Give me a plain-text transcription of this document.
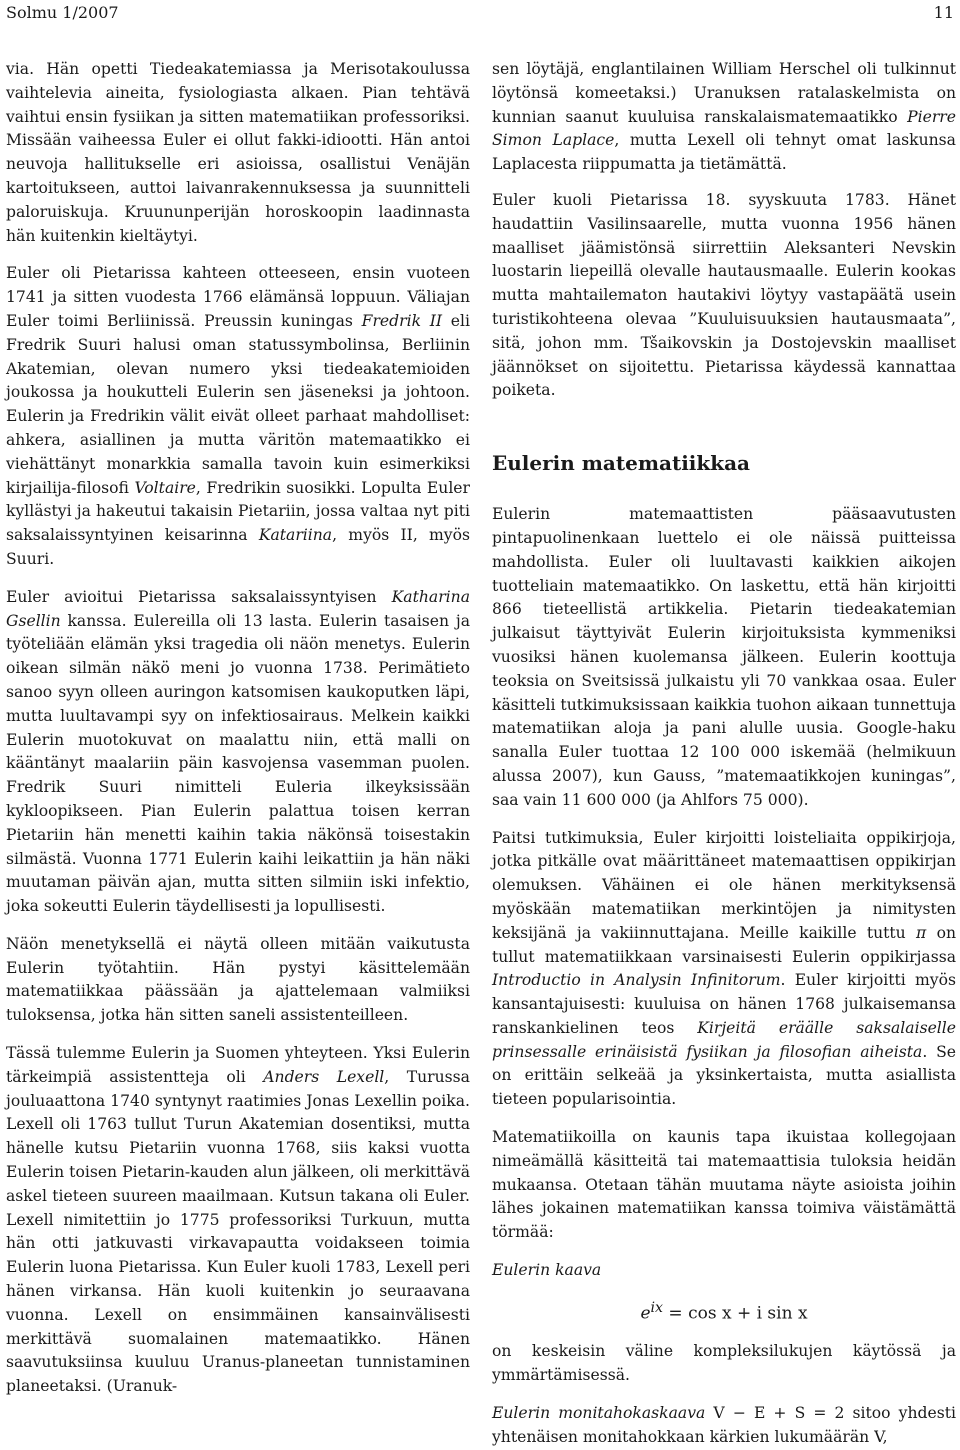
Solmu 1/2007	11

via. Hän opetti Tiedeakatemiassa ja Merisotakoulussa vaihtelevia aineita, fysiologiasta alkaen. Pian tehtävä vaihtui ensin fysiikan ja sitten matematiikan professoriksi. Missään vaiheessa Euler ei ollut fakki-idiootti. Hän antoi neuvoja hallitukselle eri asioissa, osallistui Venäjän kartoitukseen, auttoi laivanrakennuksessa ja suunnitteli paloruiskuja. Kruununperijän horoskoopin laadinnasta hän kuitenkin kieltäytyi.

Euler oli Pietarissa kahteen otteeseen, ensin vuoteen 1741 ja sitten vuodesta 1766 elämänsä loppuun. Väliajan Euler toimi Berliinissä. Preussin kuningas Fredrik II eli Fredrik Suuri halusi oman statussymbolinsa, Berliinin Akatemian, olevan numero yksi tiedeakatemioiden joukossa ja houkutteli Eulerin sen jäseneksi ja johtoon. Eulerin ja Fredrikin välit eivät olleet parhaat mahdolliset: ahkera, asiallinen ja mutta väritön matemaatikko ei viehättänyt monarkkia samalla tavoin kuin esimerkiksi kirjailija-filosofi Voltaire, Fredrikin suosikki. Lopulta Euler kyllästyi ja hakeutui takaisin Pietariin, jossa valtaa nyt piti saksalaissyntyinen keisarinna Katariina, myös II, myös Suuri.

Euler avioitui Pietarissa saksalaissyntyisen Katharina Gsellin kanssa. Eulereilla oli 13 lasta. Eulerin tasaisen ja työteliään elämän yksi tragedia oli näön menetys. Eulerin oikean silmän näkö meni jo vuonna 1738. Perimätieto sanoo syyn olleen auringon katsomisen kaukoputken läpi, mutta luultavampi syy on infektiosairaus. Melkein kaikki Eulerin muotokuvat on maalattu niin, että malli on kääntänyt maalariin päin kasvojensa vasemman puolen. Fredrik Suuri nimitteli Euleria ilkeyksissään kykloopikseen. Pian Eulerin palattua toisen kerran Pietariin hän menetti kaihin takia näkönsä toisestakin silmästä. Vuonna 1771 Eulerin kaihi leikattiin ja hän näki muutaman päivän ajan, mutta sitten silmiin iski infektio, joka sokeutti Eulerin täydellisesti ja lopullisesti.

Näön menetyksellä ei näytä olleen mitään vaikutusta Eulerin työtahtiin. Hän pystyi käsittelemään matematiikkaa päässään ja ajattelemaan valmiiksi tuloksensa, jotka hän sitten saneli assistenteilleen.

Tässä tulemme Eulerin ja Suomen yhteyteen. Yksi Eulerin tärkeimpiä assistentteja oli Anders Lexell, Turussa jouluaattona 1740 syntynyt raatimies Jonas Lexellin poika. Lexell oli 1763 tullut Turun Akatemian dosentiksi, mutta hänelle kutsu Pietariin vuonna 1768, siis kaksi vuotta Eulerin toisen Pietarin-kauden alun jälkeen, oli merkittävä askel tieteen suureen maailmaan. Kutsun takana oli Euler. Lexell nimitettiin jo 1775 professoriksi Turkuun, mutta hän otti jatkuvasti virkavapautta voidakseen toimia Eulerin luona Pietarissa. Kun Euler kuoli 1783, Lexell peri hänen virkansa. Hän kuoli kuitenkin jo seuraavana vuonna. Lexell on ensimmäinen kansainvälisesti merkittävä suomalainen matemaatikko. Hänen saavutuksiinsa kuuluu Uranus-planeetan tunnistaminen planeetaksi. (Uranuk-

sen löytäjä, englantilainen William Herschel oli tulkinnut löytönsä komeetaksi.) Uranuksen ratalaskelmista on kunnian saanut kuuluisa ranskalaismatemaatikko Pierre Simon Laplace, mutta Lexell oli tehnyt omat laskunsa Laplacesta riippumatta ja tietämättä.

Euler kuoli Pietarissa 18. syyskuuta 1783. Hänet haudattiin Vasilinsaarelle, mutta vuonna 1956 hänen maalliset jäämistönsä siirrettiin Aleksanteri Nevskin luostarin liepeillä olevalle hautausmaalle. Eulerin kookas mutta mahtailematon hautakivi löytyy vastapäätä usein turistikohteena olevaa ”Kuuluisuuksien hautausmaata”, sitä, johon mm. Tšaikovskin ja Dostojevskin maalliset jäännökset on sijoitettu. Pietarissa käydessä kannattaa poiketa.

Eulerin matematiikkaa

Eulerin matemaattisten pääsaavutusten pintapuolinenkaan luettelo ei ole näissä puitteissa mahdollista. Euler oli luultavasti kaikkien aikojen tuotteliain matemaatikko. On laskettu, että hän kirjoitti 866 tieteellistä artikkelia. Pietarin tiedeakatemian julkaisut täyttyivät Eulerin kirjoituksista kymmeniksi vuosiksi hänen kuolemansa jälkeen. Eulerin koottuja teoksia on Sveitsissä julkaistu yli 70 vankkaa osaa. Euler käsitteli tutkimuksissaan kaikkia tuohon aikaan tunnettuja matematiikan aloja ja pani alulle uusia. Google-haku sanalla Euler tuottaa 12 100 000 iskemää (helmikuun alussa 2007), kun Gauss, ”matemaatikkojen kuningas”, saa vain 11 600 000 (ja Ahlfors 75 000).

Paitsi tutkimuksia, Euler kirjoitti loisteliaita oppikirjoja, jotka pitkälle ovat määrittäneet matemaattisen oppikirjan olemuksen. Vähäinen ei ole hänen merkityksensä myöskään matematiikan merkintöjen ja nimitysten keksijänä ja vakiinnuttajana. Meille kaikille tuttu π on tullut matematiikkaan varsinaisesti Eulerin oppikirjassa Introductio in Analysin Infinitorum. Euler kirjoitti myös kansantajuisesti: kuuluisa on hänen 1768 julkaisemansa ranskankielinen teos Kirjeitä eräälle saksalaiselle prinsessalle erinäisistä fysiikan ja filosofian aiheista. Se on erittäin selkeää ja yksinkertaista, mutta asiallista tieteen popularisointia.

Matematiikoilla on kaunis tapa ikuistaa kollegojaan nimeämällä käsitteitä tai matemaattisia tuloksia heidän mukaansa. Otetaan tähän muutama näyte asioista joihin lähes jokainen matematiikan kanssa toimiva väistämättä törmää:

Eulerin kaava

$e^{ix} = \cos x + i$ sin x

on keskeisin väline kompleksilukujen käytössä ja ymmärtämisessä.

Eulerin monitahokaskaava V − E + S = 2 sitoo yhdesti yhtenäisen monitahokkaan kärkien lukumäärän V,
